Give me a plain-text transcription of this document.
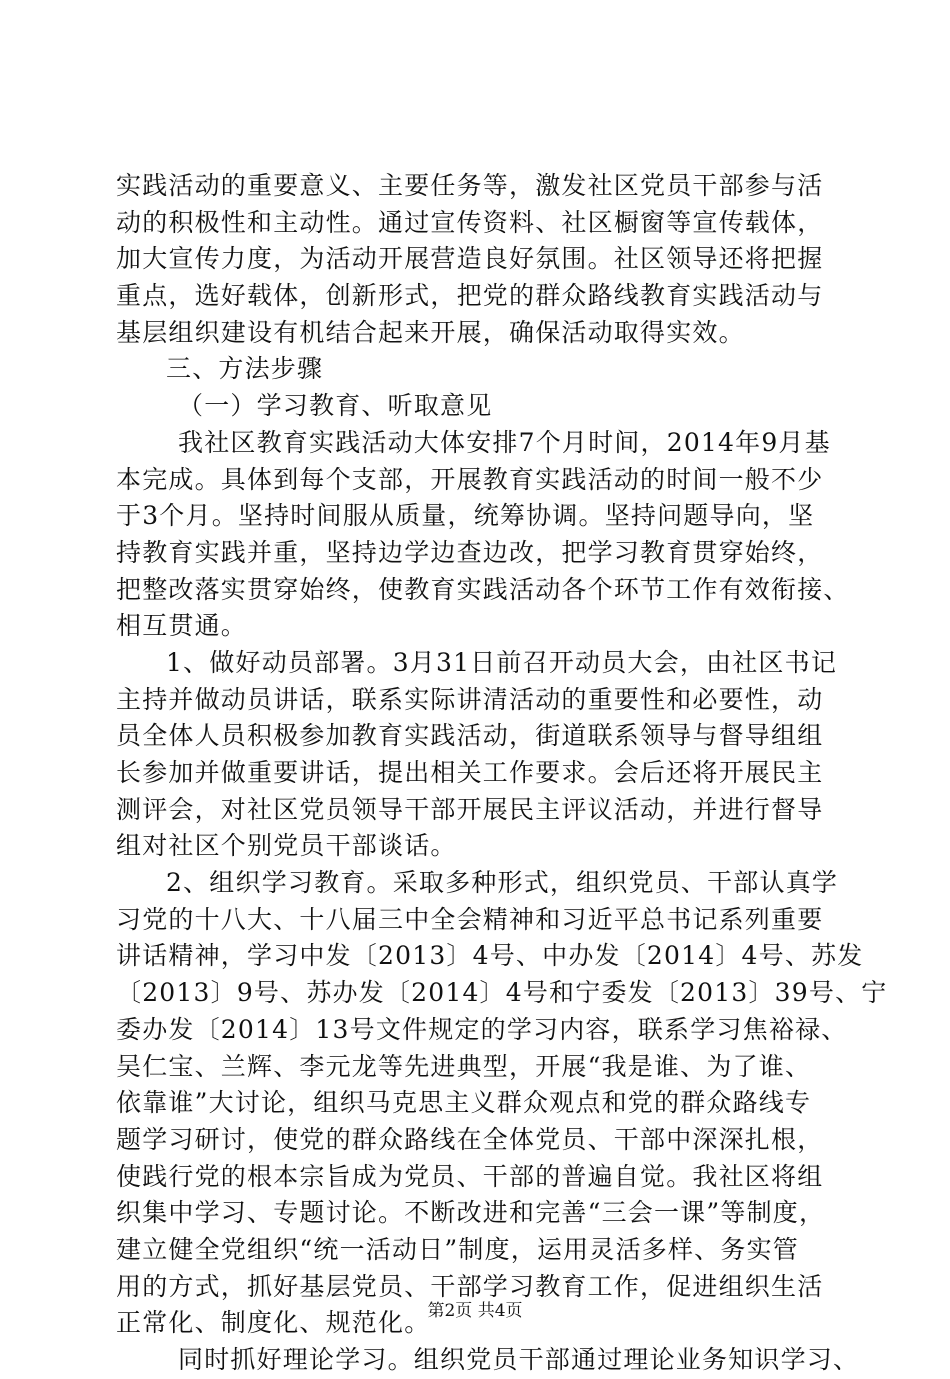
实践活动的重要意义、主要任务等，激发社区党员干部参与活
动的积极性和主动性。通过宣传资料、社区橱窗等宣传载体，
加大宣传力度，为活动开展营造良好氛围。社区领导还将把握
重点，选好载体，创新形式，把党的群众路线教育实践活动与
基层组织建设有机结合起来开展，确保活动取得实效。
三、方法步骤
（一）学习教育、听取意见
我社区教育实践活动大体安排7个月时间，2014年9月基
本完成。具体到每个支部，开展教育实践活动的时间一般不少
于3个月。坚持时间服从质量，统筹协调。坚持问题导向，坚
持教育实践并重，坚持边学边查边改，把学习教育贯穿始终，
把整改落实贯穿始终，使教育实践活动各个环节工作有效衔接、
相互贯通。
1、做好动员部署。3月31日前召开动员大会，由社区书记
主持并做动员讲话，联系实际讲清活动的重要性和必要性，动
员全体人员积极参加教育实践活动，街道联系领导与督导组组
长参加并做重要讲话，提出相关工作要求。会后还将开展民主
测评会，对社区党员领导干部开展民主评议活动，并进行督导
组对社区个别党员干部谈话。
2、组织学习教育。采取多种形式，组织党员、干部认真学
习党的十八大、十八届三中全会精神和习近平总书记系列重要
讲话精神，学习中发〔2013〕4号、中办发〔2014〕4号、苏发
〔2013〕9号、苏办发〔2014〕4号和宁委发〔2013〕39号、宁
委办发〔2014〕13号文件规定的学习内容，联系学习焦裕禄、
吴仁宝、兰辉、李元龙等先进典型，开展“我是谁、为了谁、
依靠谁”大讨论，组织马克思主义群众观点和党的群众路线专
题学习研讨，使党的群众路线在全体党员、干部中深深扎根，
使践行党的根本宗旨成为党员、干部的普遍自觉。我社区将组
织集中学习、专题讨论。不断改进和完善“三会一课”等制度，
建立健全党组织“统一活动日”制度，运用灵活多样、务实管
用的方式，抓好基层党员、干部学习教育工作，促进组织生活
正常化、制度化、规范化。
同时抓好理论学习。组织党员干部通过理论业务知识学习、
第2页 共4页
